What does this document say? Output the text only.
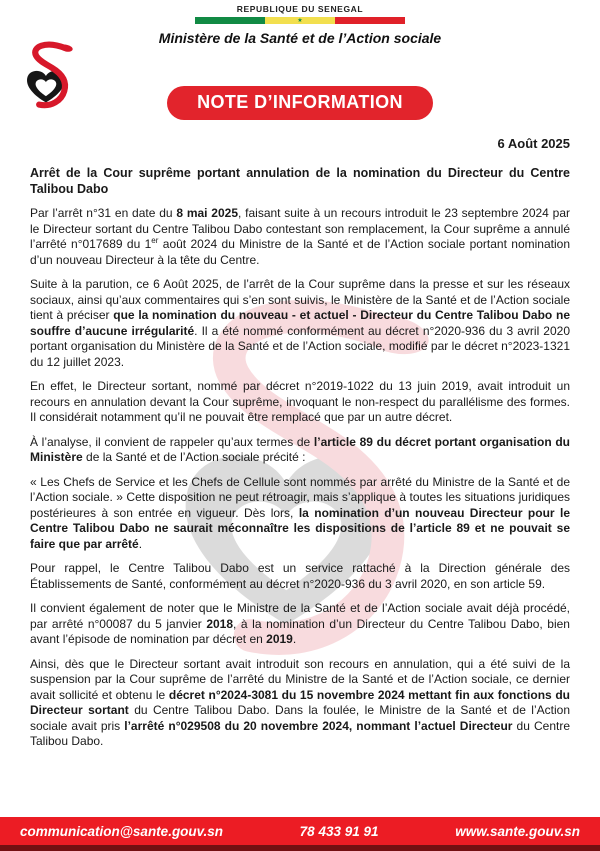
REPUBLIQUE DU SENEGAL
★
Ministère de la Santé et de l’Action sociale
NOTE D’INFORMATION
6 Août 2025

Arrêt de la Cour suprême portant annulation de la nomination du Directeur du Centre Talibou Dabo

Par l’arrêt n°31 en date du 8 mai 2025, faisant suite à un recours introduit le 23 septembre 2024 par le Directeur sortant du Centre Talibou Dabo contestant son remplacement, la Cour suprême a annulé l’arrêté n°017689 du 1er août 2024 du Ministre de la Santé et de l’Action sociale portant nomination d’un nouveau Directeur à la tête du Centre.

Suite à la parution, ce 6 Août 2025, de l’arrêt de la Cour suprême dans la presse et sur les réseaux sociaux, ainsi qu’aux commentaires qui s’en sont suivis, le Ministère de la Santé et de l’Action sociale tient à préciser que la nomination du nouveau - et actuel - Directeur du Centre Talibou Dabo ne souffre d’aucune irrégularité. Il a été nommé conformément au décret n°2020-936 du 3 avril 2020 portant organisation du Ministère de la Santé et de l’Action sociale, modifié par le décret n°2023-1321 du 12 juillet 2023.

En effet, le Directeur sortant, nommé par décret n°2019-1022 du 13 juin 2019, avait introduit un recours en annulation devant la Cour suprême, invoquant le non-respect du parallélisme des formes. Il considérait notamment qu’il ne pouvait être remplacé que par un autre décret.

À l’analyse, il convient de rappeler qu’aux termes de l’article 89 du décret portant organisation du Ministère de la Santé et de l’Action sociale précité :

« Les Chefs de Service et les Chefs de Cellule sont nommés par arrêté du Ministre de la Santé et de l’Action sociale. » Cette disposition ne peut rétroagir, mais s’applique à toutes les situations juridiques postérieures à son entrée en vigueur. Dès lors, la nomination d’un nouveau Directeur pour le Centre Talibou Dabo ne saurait méconnaître les dispositions de l’article 89 et ne pouvait se faire que par arrêté.

Pour rappel, le Centre Talibou Dabo est un service rattaché à la Direction générale des Établissements de Santé, conformément au décret n°2020-936 du 3 avril 2020, en son article 59.

Il convient également de noter que le Ministre de la Santé et de l’Action sociale avait déjà procédé, par arrêté n°00087 du 5 janvier 2018, à la nomination d’un Directeur du Centre Talibou Dabo, bien avant l’épisode de nomination par décret en 2019.

Ainsi, dès que le Directeur sortant avait introduit son recours en annulation, qui a été suivi de la suspension par la Cour suprême de l’arrêté du Ministre de la Santé et de l’Action sociale, ce dernier avait sollicité et obtenu le décret n°2024-3081 du 15 novembre 2024 mettant fin aux fonctions du Directeur sortant du Centre Talibou Dabo. Dans la foulée, le Ministre de la Santé et de l’Action sociale avait pris l’arrêté n°029508 du 20 novembre 2024, nommant l’actuel Directeur du Centre Talibou Dabo.

communication@sante.gouv.sn	78 433 91 91	www.sante.gouv.sn
